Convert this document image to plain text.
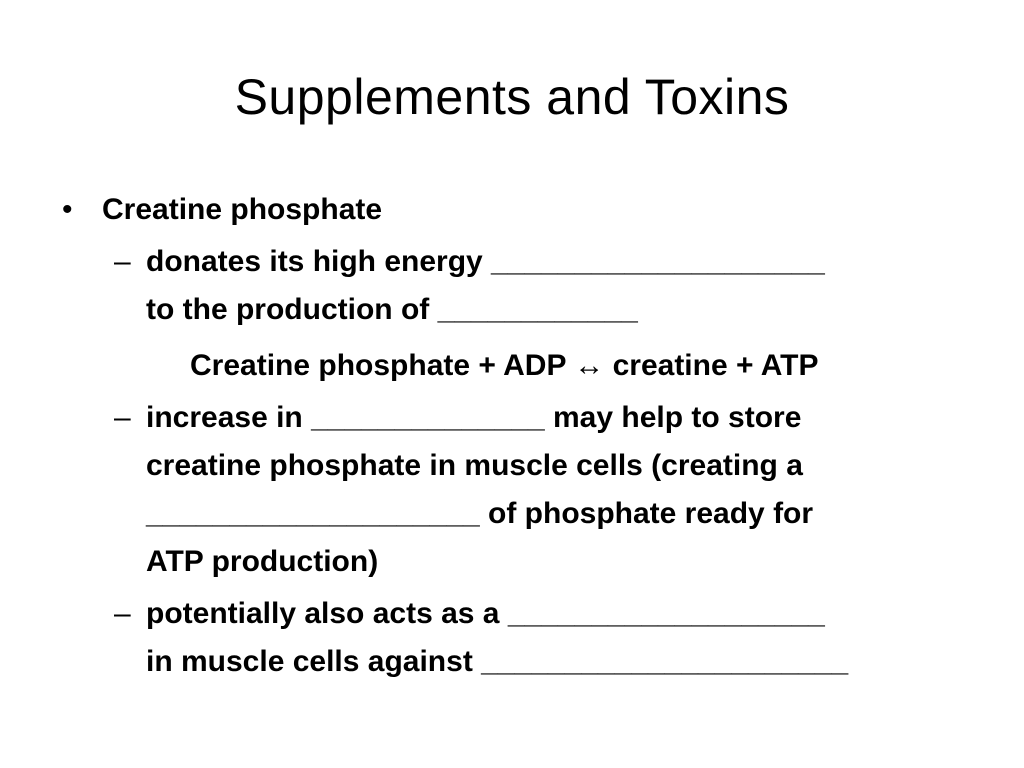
Supplements and Toxins
• Creatine phosphate
– donates its high energy ____________________
to the production of ____________
Creatine phosphate + ADP ↔ creatine + ATP
– increase in ______________ may help to store
creatine phosphate in muscle cells (creating a
____________________ of phosphate ready for
ATP production)
– potentially also acts as a ___________________
in muscle cells against ______________________
